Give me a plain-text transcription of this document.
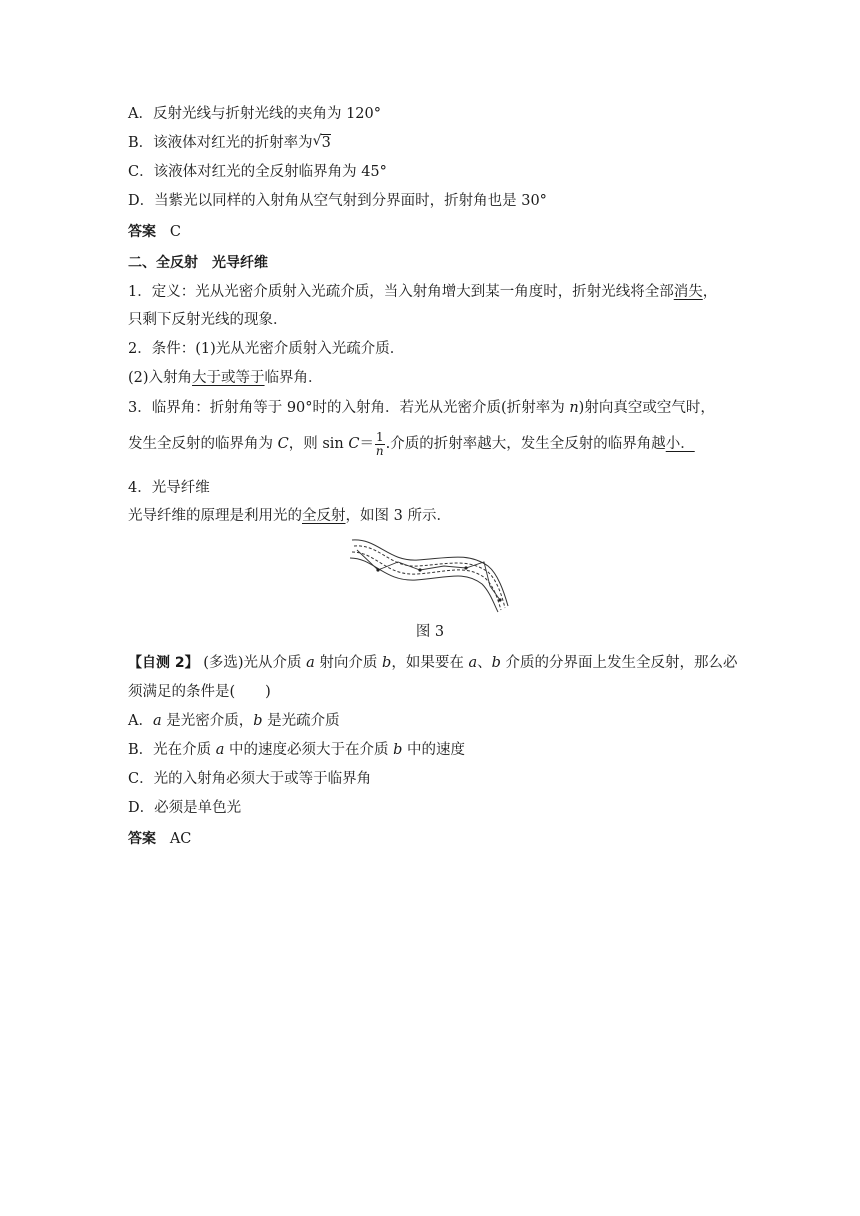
A．反射光线与折射光线的夹角为 120°
B．该液体对红光的折射率为 √ 3
C．该液体对红光的全反射临界角为 45°
D．当紫光以同样的入射角从空气射到分界面时，折射角也是 30°
答案 C
二、全反射　光导纤维
1．定义：光从光密介质射入光疏介质，当入射角增大到某一角度时，折射光线将全部消失，
只剩下反射光线的现象．
2．条件：(1)光从光密介质射入光疏介质．
(2)入射角大于或等于临界角．
3．临界角：折射角等于 90°时的入射角．若光从光密介质(折射率为 n)射向真空或空气时，
发生全反射的临界角为 C，则 $\sin C= \frac{1}{n}$ .介质的折射率越大，发生全反射的临界角越小．
4．光导纤维
光导纤维的原理是利用光的全反射，如图 3 所示．
图 3
【自测 2】 (多选)光从介质 a 射向介质 b，如果要在 a、b 介质的分界面上发生全反射，那么必
须满足的条件是( )
A．a 是光密介质，b 是光疏介质
B．光在介质 a 中的速度必须大于在介质 b 中的速度
C．光的入射角必须大于或等于临界角
D．必须是单色光
答案 AC
